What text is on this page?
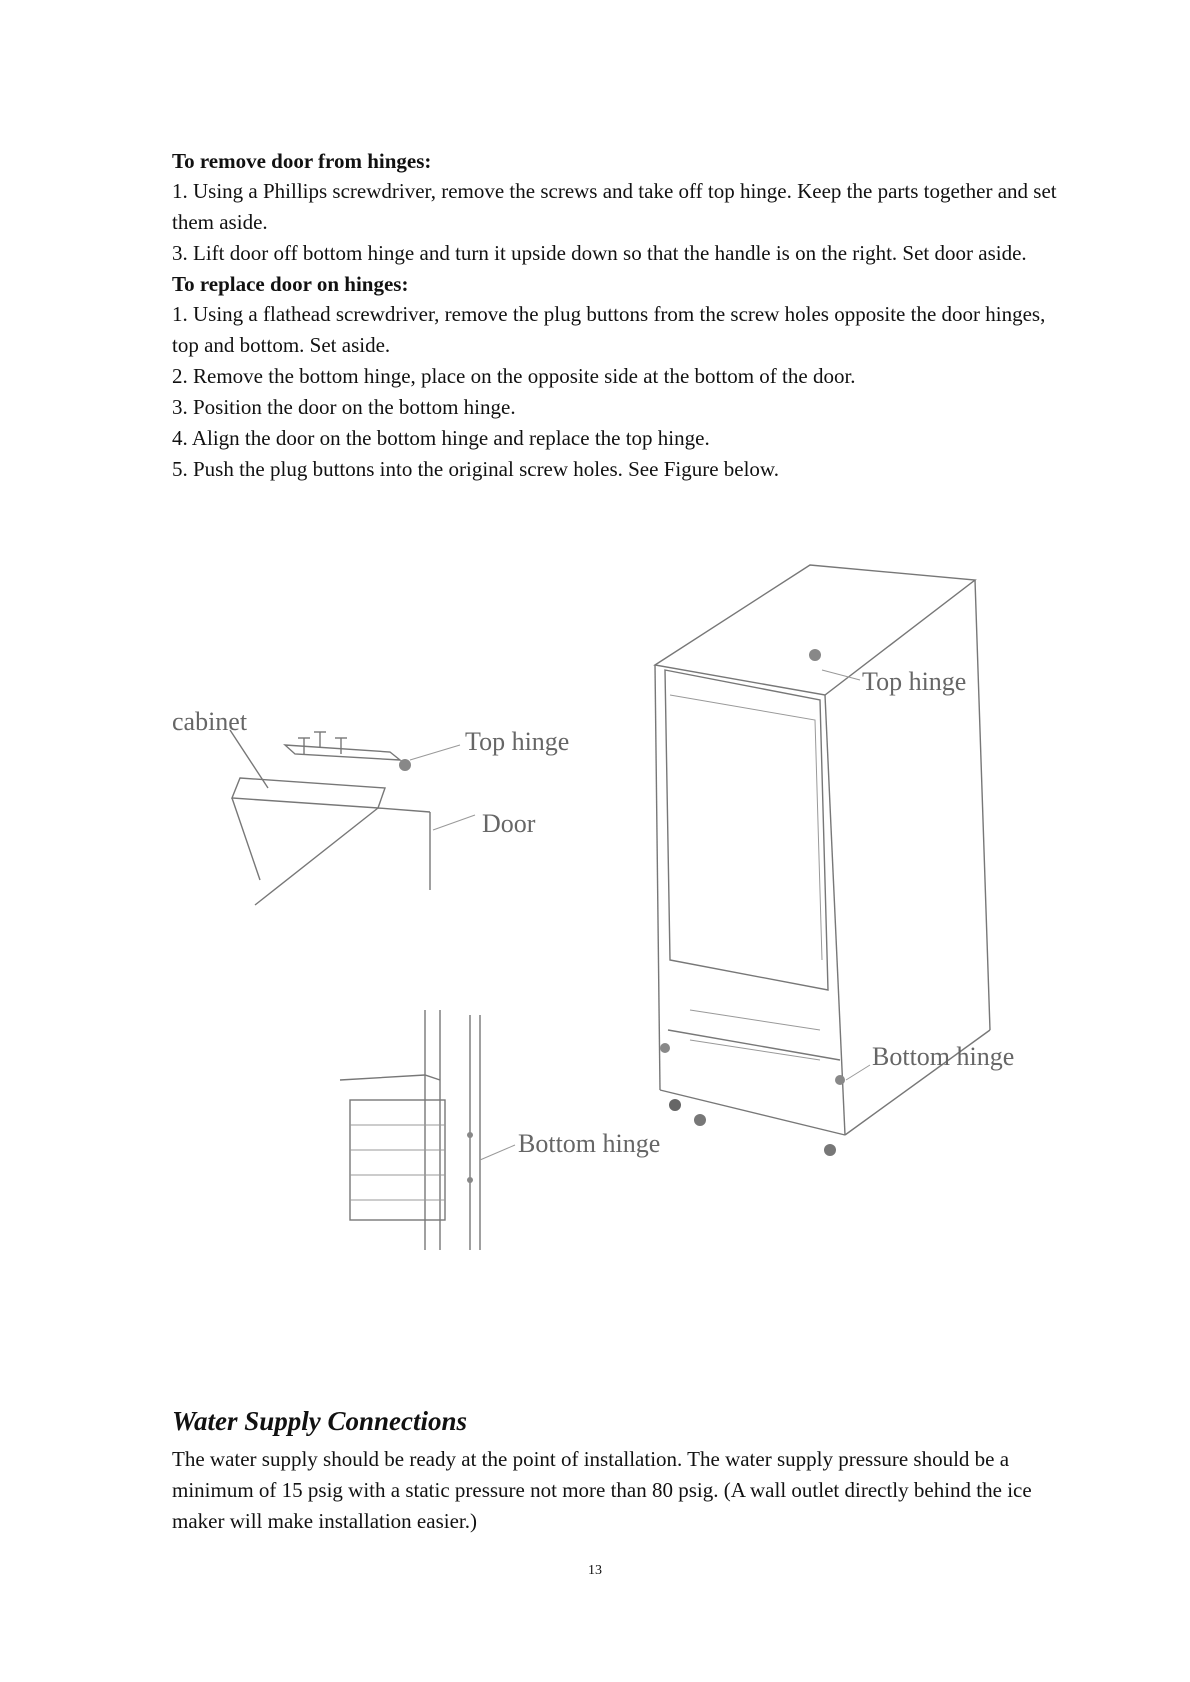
To remove door from hinges:

1. Using a Phillips screwdriver, remove the screws and take off top hinge. Keep the parts together and set them aside.

3. Lift door off bottom hinge and turn it upside down so that the handle is on the right. Set door aside.

To replace door on hinges:

1. Using a flathead screwdriver, remove the plug buttons from the screw holes opposite the door hinges, top and bottom. Set aside.

2. Remove the bottom hinge, place on the opposite side at the bottom of the door.

3. Position the door on the bottom hinge.

4. Align the door on the bottom hinge and replace the top hinge.

5. Push the plug buttons into the original screw holes. See Figure below.

cabinet
Top hinge
Door
Bottom hinge
Top hinge
Bottom hinge
Water Supply Connections

The water supply should be ready at the point of installation. The water supply pressure should be a minimum of 15 psig with a static pressure not more than 80 psig. (A wall outlet directly behind the ice maker will make installation easier.)

13
